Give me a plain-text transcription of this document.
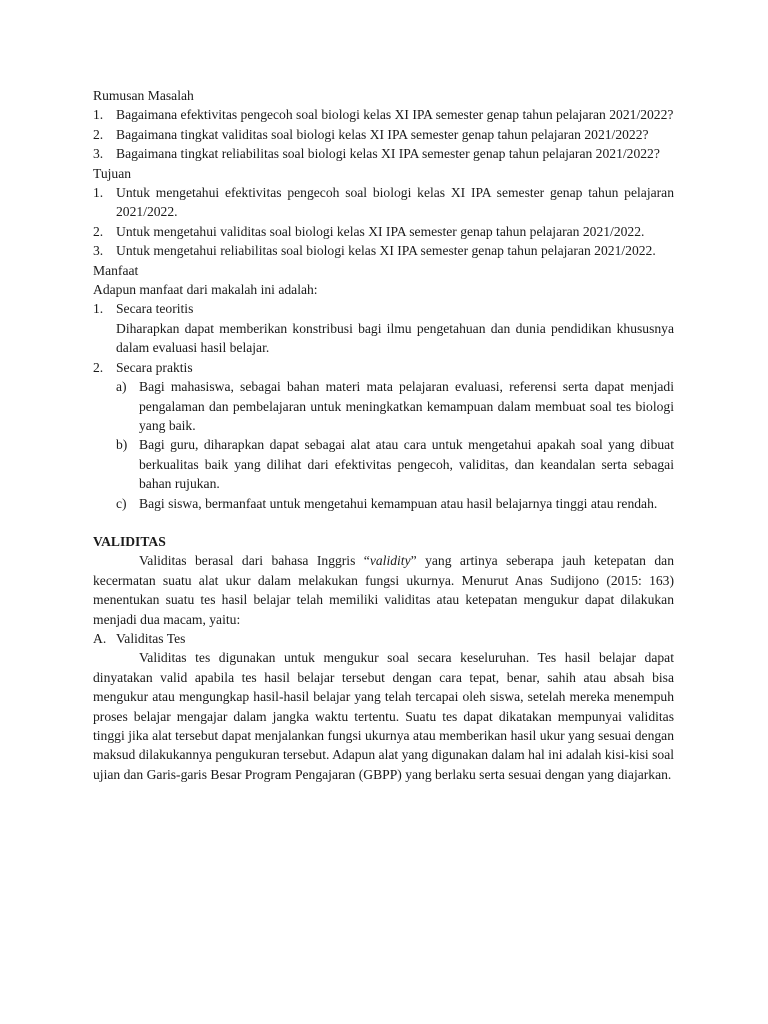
Rumusan Masalah

1. Bagaimana efektivitas pengecoh soal biologi kelas XI IPA semester genap tahun pelajaran 2021/2022?
2. Bagaimana tingkat validitas soal biologi kelas XI IPA semester genap tahun pelajaran 2021/2022?
3. Bagaimana tingkat reliabilitas soal biologi kelas XI IPA semester genap tahun pelajaran 2021/2022?

Tujuan

1. Untuk mengetahui efektivitas pengecoh soal biologi kelas XI IPA semester genap tahun pelajaran 2021/2022.
2. Untuk mengetahui validitas soal biologi kelas XI IPA semester genap tahun pelajaran 2021/2022.
3. Untuk mengetahui reliabilitas soal biologi kelas XI IPA semester genap tahun pelajaran 2021/2022.

Manfaat

Adapun manfaat dari makalah ini adalah:

1. Secara teoritis

Diharapkan dapat memberikan konstribusi bagi ilmu pengetahuan dan dunia pendidikan khususnya dalam evaluasi hasil belajar.

2. Secara praktis
a) Bagi mahasiswa, sebagai bahan materi mata pelajaran evaluasi, referensi serta dapat menjadi pengalaman dan pembelajaran untuk meningkatkan kemampuan dalam membuat soal tes biologi yang baik.
b) Bagi guru, diharapkan dapat sebagai alat atau cara untuk mengetahui apakah soal yang dibuat berkualitas baik yang dilihat dari efektivitas pengecoh, validitas, dan keandalan serta sebagai bahan rujukan.
c) Bagi siswa, bermanfaat untuk mengetahui kemampuan atau hasil belajarnya tinggi atau rendah.

VALIDITAS

Validitas berasal dari bahasa Inggris “validity” yang artinya seberapa jauh ketepatan dan kecermatan suatu alat ukur dalam melakukan fungsi ukurnya. Menurut Anas Sudijono (2015: 163) menentukan suatu tes hasil belajar telah memiliki validitas atau ketepatan mengukur dapat dilakukan menjadi dua macam, yaitu:

A. Validitas Tes

Validitas tes digunakan untuk mengukur soal secara keseluruhan. Tes hasil belajar dapat dinyatakan valid apabila tes hasil belajar tersebut dengan cara tepat, benar, sahih atau absah bisa mengukur atau mengungkap hasil-hasil belajar yang telah tercapai oleh siswa, setelah mereka menempuh proses belajar mengajar dalam jangka waktu tertentu. Suatu tes dapat dikatakan mempunyai validitas tinggi jika alat tersebut dapat menjalankan fungsi ukurnya atau memberikan hasil ukur yang sesuai dengan maksud dilakukannya pengukuran tersebut. Adapun alat yang digunakan dalam hal ini adalah kisi-kisi soal ujian dan Garis-garis Besar Program Pengajaran (GBPP) yang berlaku serta sesuai dengan yang diajarkan.
